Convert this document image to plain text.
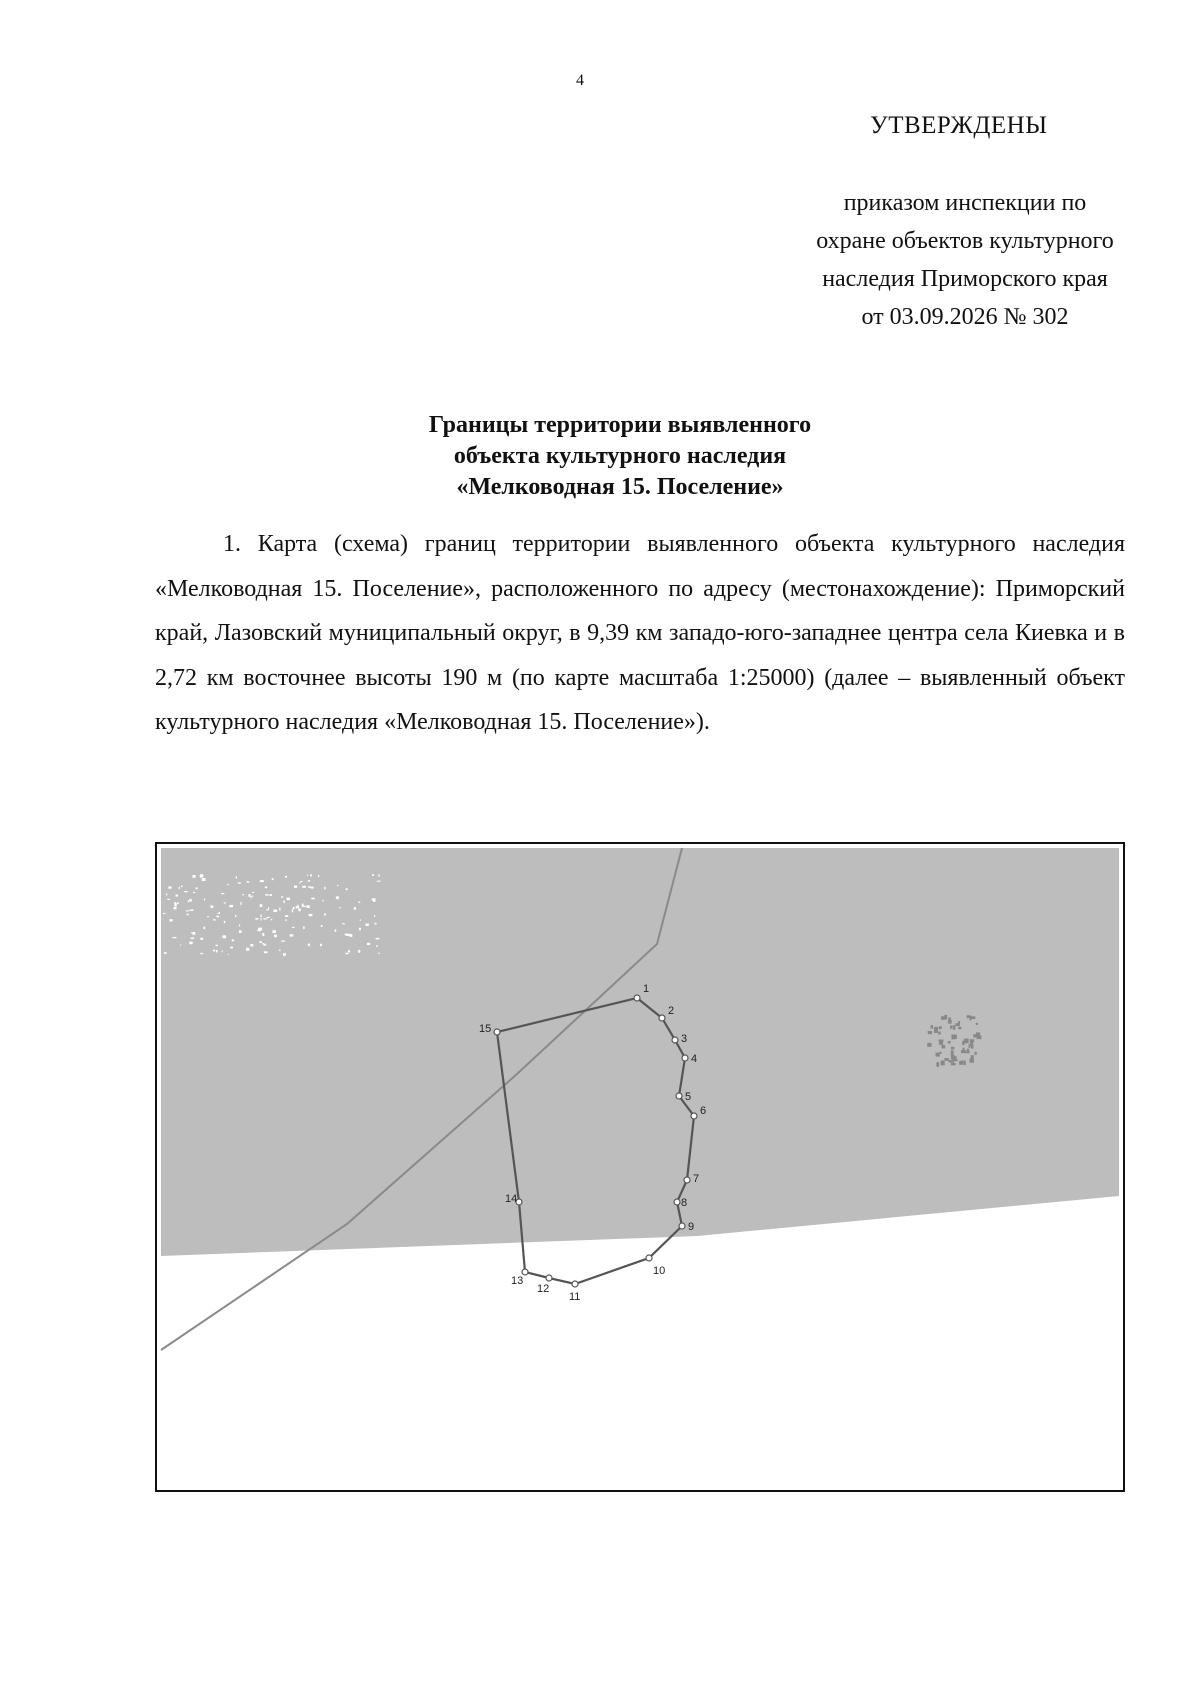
4
УТВЕРЖДЕНЫ
приказом инспекции по
охране объектов культурного
наследия Приморского края
от 03.09.2026 № 302
Границы территории выявленного
объекта культурного наследия
«Мелководная 15. Поселение»

1. Карта (схема) границ территории выявленного объекта культурного наследия «Мелководная 15. Поселение», расположенного по адресу (местонахождение): Приморский край, Лазовский муниципальный округ, в 9,39 км западо-юго-западнее центра села Киевка и в 2,72 км восточнее высоты 190 м (по карте масштаба 1:25000) (далее – выявленный объект культурного наследия «Мелководная 15. Поселение»).

1
2
3
4
5
6
7
8
9
10
11
12
13
14
15
